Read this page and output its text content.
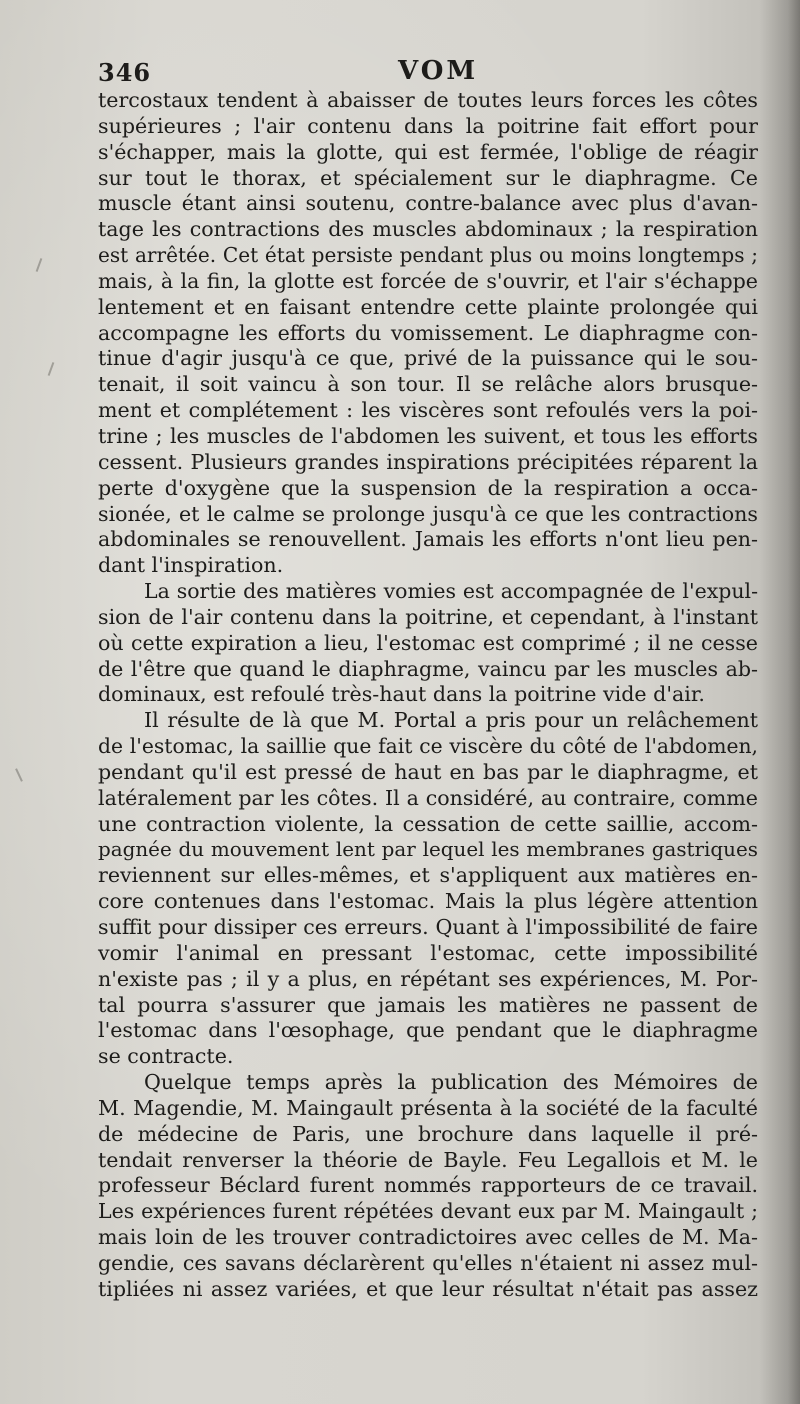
346	VOM
tercostaux tendent à abaisser de toutes leurs forces les côtes
supérieures ; l'air contenu dans la poitrine fait effort pour
s'échapper, mais la glotte, qui est fermée, l'oblige de réagir
sur tout le thorax, et spécialement sur le diaphragme. Ce
muscle étant ainsi soutenu, contre-balance avec plus d'avan-
tage les contractions des muscles abdominaux ; la respiration
est arrêtée. Cet état persiste pendant plus ou moins longtemps ;
mais, à la fin, la glotte est forcée de s'ouvrir, et l'air s'échappe
lentement et en faisant entendre cette plainte prolongée qui
accompagne les efforts du vomissement. Le diaphragme con-
tinue d'agir jusqu'à ce que, privé de la puissance qui le sou-
tenait, il soit vaincu à son tour. Il se relâche alors brusque-
ment et complétement : les viscères sont refoulés vers la poi-
trine ; les muscles de l'abdomen les suivent, et tous les efforts
cessent. Plusieurs grandes inspirations précipitées réparent la
perte d'oxygène que la suspension de la respiration a occa-
sionée, et le calme se prolonge jusqu'à ce que les contractions
abdominales se renouvellent. Jamais les efforts n'ont lieu pen-
dant l'inspiration.
La sortie des matières vomies est accompagnée de l'expul-
sion de l'air contenu dans la poitrine, et cependant, à l'instant
où cette expiration a lieu, l'estomac est comprimé ; il ne cesse
de l'être que quand le diaphragme, vaincu par les muscles ab-
dominaux, est refoulé très-haut dans la poitrine vide d'air.
Il résulte de là que M. Portal a pris pour un relâchement
de l'estomac, la saillie que fait ce viscère du côté de l'abdomen,
pendant qu'il est pressé de haut en bas par le diaphragme, et
latéralement par les côtes. Il a considéré, au contraire, comme
une contraction violente, la cessation de cette saillie, accom-
pagnée du mouvement lent par lequel les membranes gastriques
reviennent sur elles-mêmes, et s'appliquent aux matières en-
core contenues dans l'estomac. Mais la plus légère attention
suffit pour dissiper ces erreurs. Quant à l'impossibilité de faire
vomir l'animal en pressant l'estomac, cette impossibilité
n'existe pas ; il y a plus, en répétant ses expériences, M. Por-
tal pourra s'assurer que jamais les matières ne passent de
l'estomac dans l'œsophage, que pendant que le diaphragme
se contracte.
Quelque temps après la publication des Mémoires de
M. Magendie, M. Maingault présenta à la société de la faculté
de médecine de Paris, une brochure dans laquelle il pré-
tendait renverser la théorie de Bayle. Feu Legallois et M. le
professeur Béclard furent nommés rapporteurs de ce travail.
Les expériences furent répétées devant eux par M. Maingault ;
mais loin de les trouver contradictoires avec celles de M. Ma-
gendie, ces savans déclarèrent qu'elles n'étaient ni assez mul-
tipliées ni assez variées, et que leur résultat n'était pas assez
